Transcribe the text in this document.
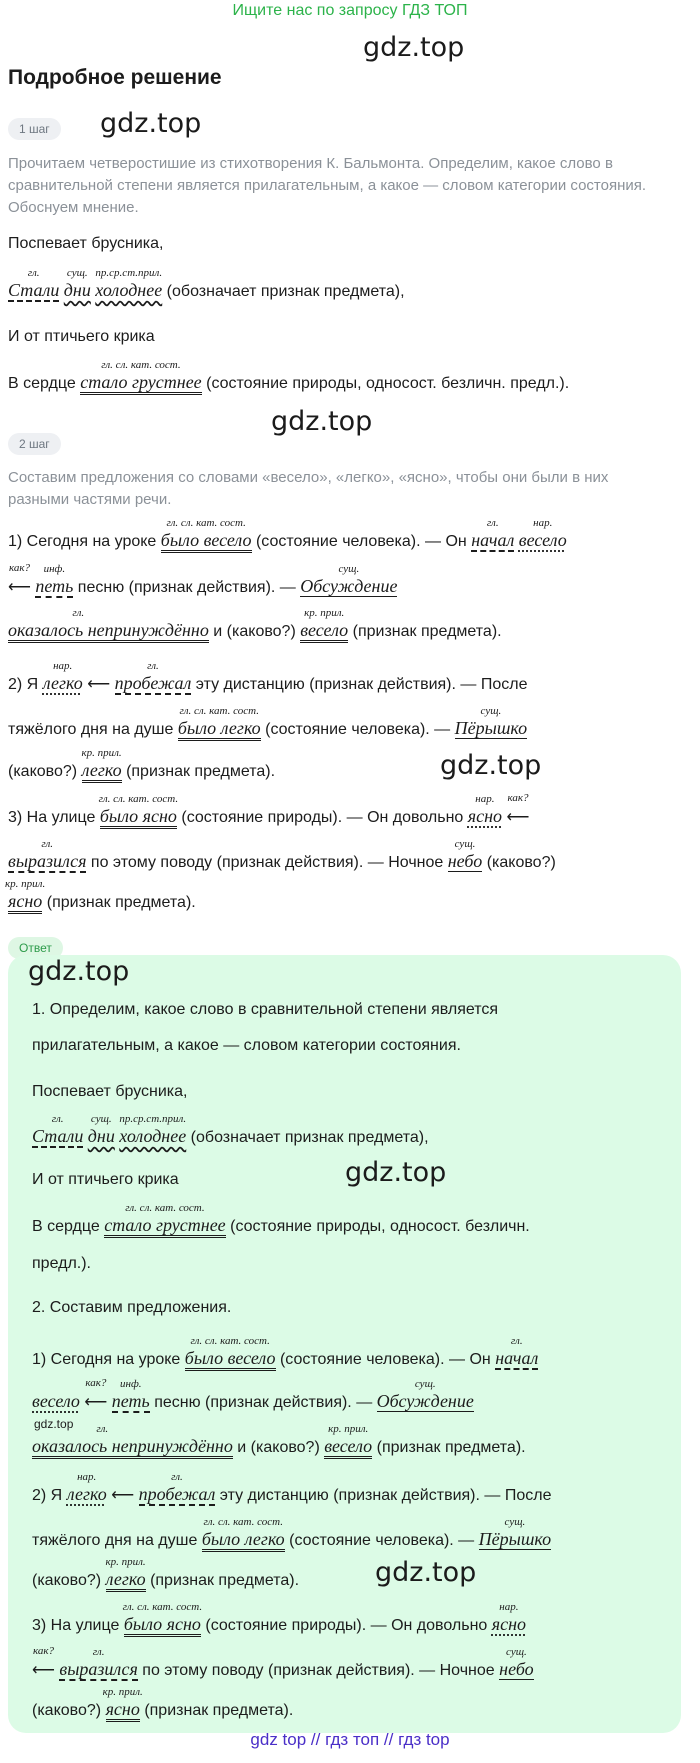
Ищите нас по запросу ГДЗ ТОП
gdz.top
Подробное решение
1 шаг	gdz.top
Прочитаем четверостишие из стихотворения К. Бальмонта. Определим, какое слово в сравнительной степени является прилагательным, а какое — словом категории состояния. Обоснуем мнение.
Поспевает брусника,
гл.
Стали
сущ.
дни
пр.ср.ст.прил.
холоднее (обозначает признак предмета),
И от птичьего крика
В сердце
гл. сл. кат. сост.
стало грустнее (состояние природы, односост. безличн. предл.).
gdz.top
2 шаг
Составим предложения со словами «весело», «легко», «ясно», чтобы они были в них разными частями речи.
1) Сегодня на уроке
гл. сл. кат. сост.
было весело (состояние человека). — Он
гл.
начал
нар.
весело
⟵
как?
инф.
петь песню (признак действия). —
сущ.
Обсуждение
гл.
оказалось непринуждённо и (каково?)
кр. прил.
весело (признак предмета).
2) Я
нар.
легко ⟵
гл.
пробежал эту дистанцию (признак действия). — После
тяжёлого дня на душе
гл. сл. кат. сост.
было легко (состояние человека). —
сущ.
Пёрышко
(каково?)
кр. прил.
легко (признак предмета).	gdz.top
3) На улице
гл. сл. кат. сост.
было ясно (состояние природы). — Он довольно
нар.
ясно ⟵
как?
гл.
выразился по этому поводу (признак действия). — Ночное
сущ.
небо (каково?)
кр. прил.
ясно (признак предмета).
Ответ
gdz.top
1. Определим, какое слово в сравнительной степени является
прилагательным, а какое — словом категории состояния.
Поспевает брусника,
гл.
Стали
сущ.
дни
пр.ср.ст.прил.
холоднее (обозначает признак предмета),
И от птичьего крика	gdz.top
В сердце
гл. сл. кат. сост.
стало грустнее (состояние природы, односост. безличн.
предл.).
2. Составим предложения.
1) Сегодня на уроке
гл. сл. кат. сост.
было весело (состояние человека). — Он
гл.
начал
весело ⟵
как?
инф.
петь песню (признак действия). —
сущ.
Обсуждение
gdz.top гл.
оказалось непринуждённо и (каково?)
кр. прил.
весело (признак предмета).
2) Я
нар.
легко ⟵
гл.
пробежал эту дистанцию (признак действия). — После
тяжёлого дня на душе
гл. сл. кат. сост.
было легко (состояние человека). —
сущ.
Пёрышко
(каково?)
кр. прил.
легко (признак предмета).	gdz.top
3) На улице
гл. сл. кат. сост.
было ясно (состояние природы). — Он довольно
нар.
ясно
⟵
как?
	гл.
выразился по этому поводу (признак действия). — Ночное
сущ.
небо
(каково?)
кр. прил.
ясно (признак предмета).
gdz top // гдз топ // гдз top
